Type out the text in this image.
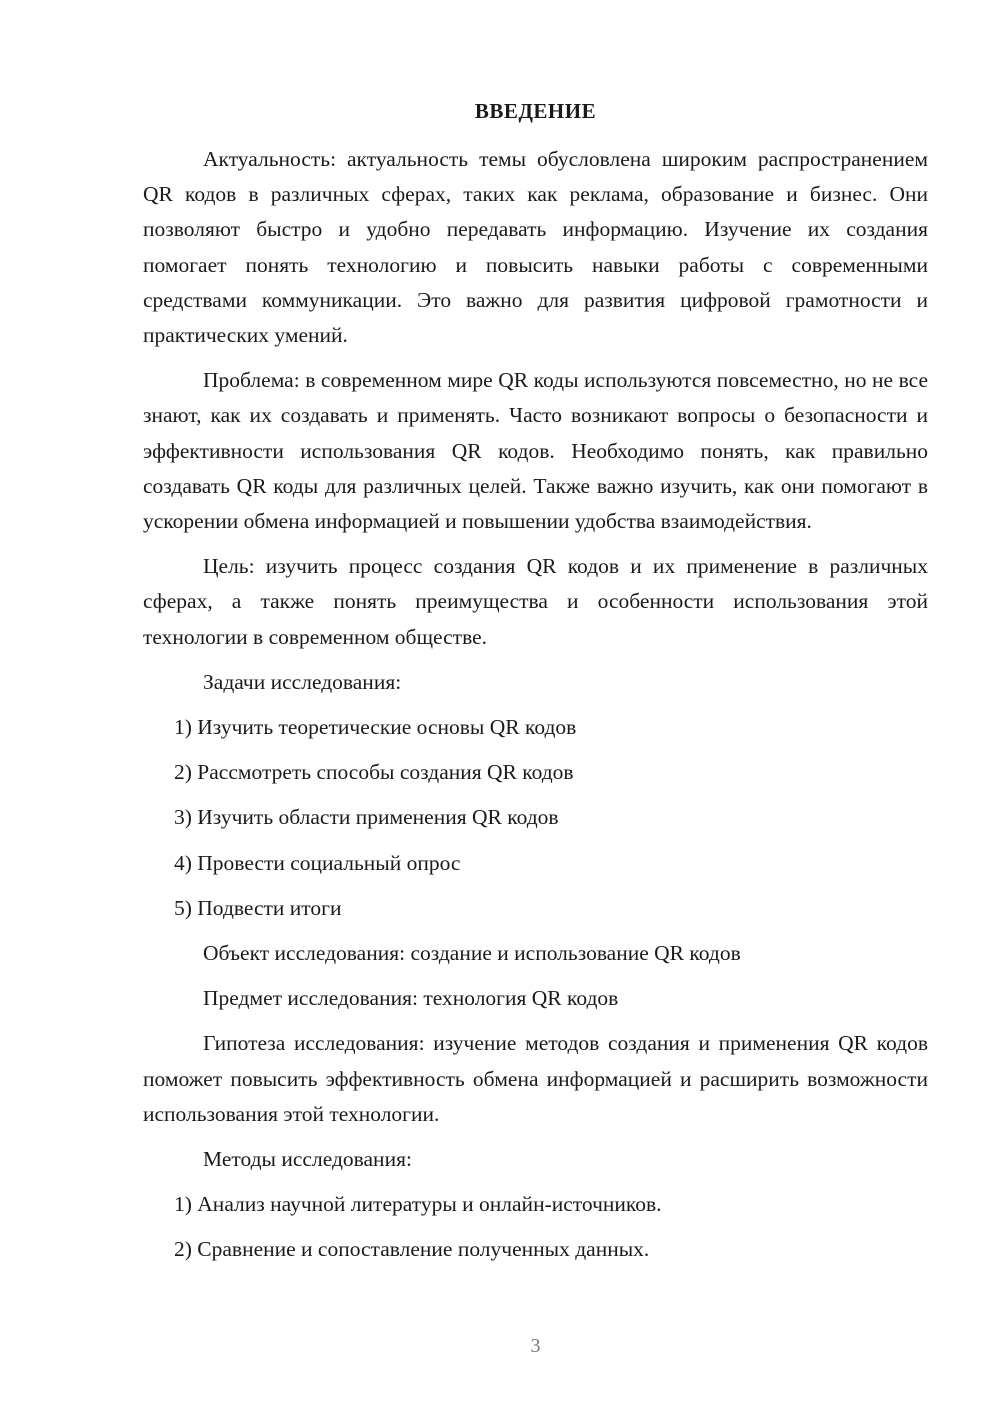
ВВЕДЕНИЕ

Актуальность: актуальность темы обусловлена широким распространением QR кодов в различных сферах, таких как реклама, образование и бизнес. Они позволяют быстро и удобно передавать информацию. Изучение их создания помогает понять технологию и повысить навыки работы с современными средствами коммуникации. Это важно для развития цифровой грамотности и практических умений.

Проблема: в современном мире QR коды используются повсеместно, но не все знают, как их создавать и применять. Часто возникают вопросы о безопасности и эффективности использования QR кодов. Необходимо понять, как правильно создавать QR коды для различных целей. Также важно изучить, как они помогают в ускорении обмена информацией и повышении удобства взаимодействия.

Цель: изучить процесс создания QR кодов и их применение в различных сферах, а также понять преимущества и особенности использования этой технологии в современном обществе.

Задачи исследования:

1) Изучить теоретические основы QR кодов

2) Рассмотреть способы создания QR кодов

3) Изучить области применения QR кодов

4) Провести социальный опрос

5) Подвести итоги

Объект исследования: создание и использование QR кодов

Предмет исследования: технология QR кодов

Гипотеза исследования: изучение методов создания и применения QR кодов поможет повысить эффективность обмена информацией и расширить возможности использования этой технологии.

Методы исследования:

1) Анализ научной литературы и онлайн-источников.

2) Сравнение и сопоставление полученных данных.

3
